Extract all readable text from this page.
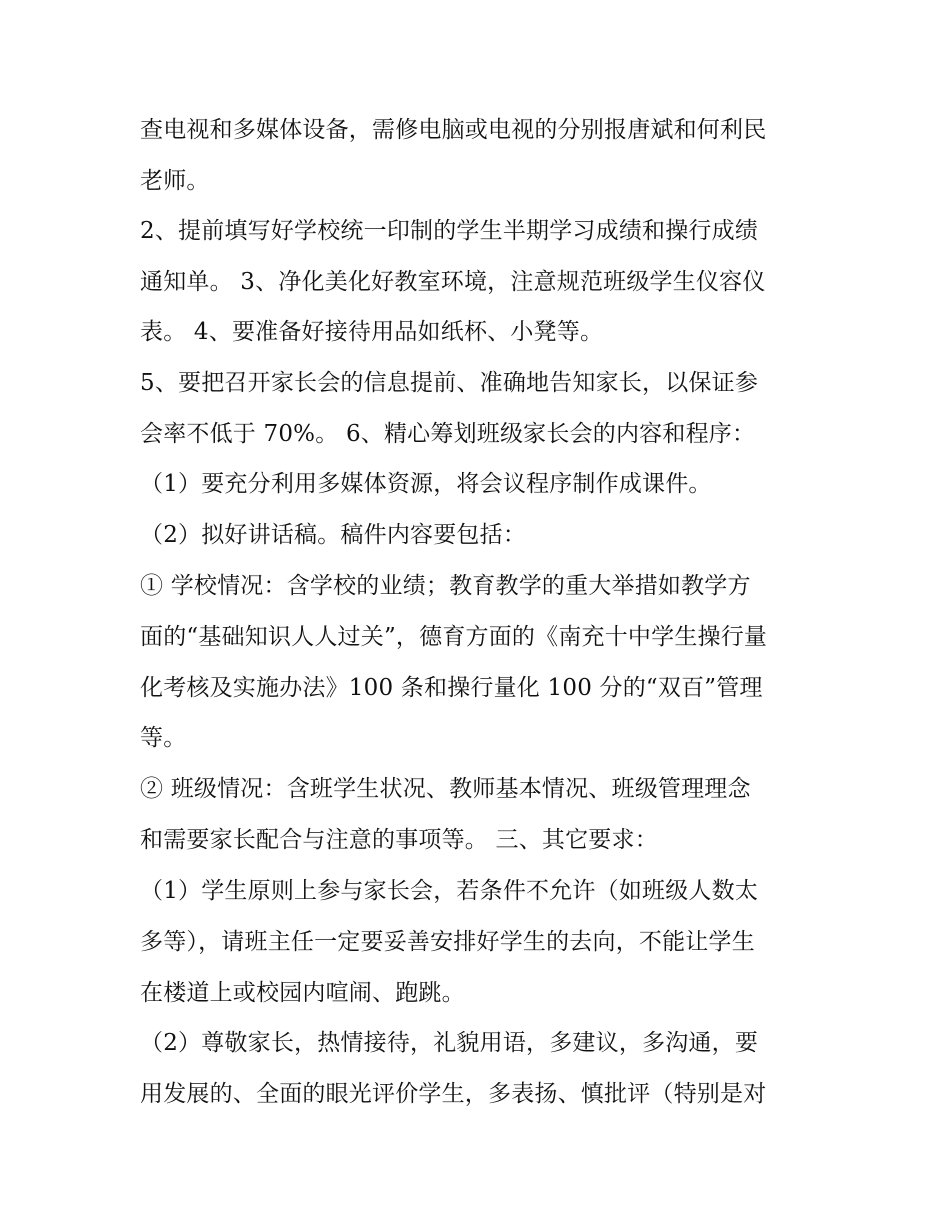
查电视和多媒体设备，需修电脑或电视的分别报唐斌和何利民
老师。
2、提前填写好学校统一印制的学生半期学习成绩和操行成绩
通知单。 3、净化美化好教室环境，注意规范班级学生仪容仪
表。 4、要准备好接待用品如纸杯、小凳等。
5、要把召开家长会的信息提前、准确地告知家长，以保证参
会率不低于 70%。 6、精心筹划班级家长会的内容和程序：
（1）要充分利用多媒体资源，将会议程序制作成课件。
（2）拟好讲话稿。稿件内容要包括：
① 学校情况：含学校的业绩；教育教学的重大举措如教学方
面的“基础知识人人过关”，德育方面的《南充十中学生操行量
化考核及实施办法》100 条和操行量化 100 分的“双百”管理
等。
② 班级情况：含班学生状况、教师基本情况、班级管理理念
和需要家长配合与注意的事项等。 三、其它要求：
（1）学生原则上参与家长会，若条件不允许（如班级人数太
多等），请班主任一定要妥善安排好学生的去向，不能让学生
在楼道上或校园内喧闹、跑跳。
（2）尊敬家长，热情接待，礼貌用语，多建议，多沟通，要
用发展的、全面的眼光评价学生，多表扬、慎批评（特别是对
